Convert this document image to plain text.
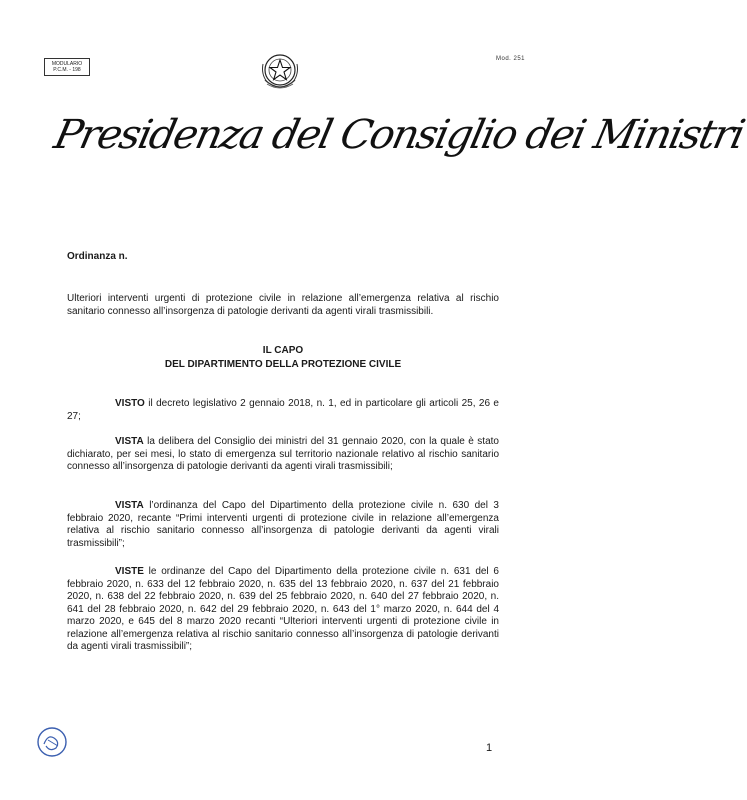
MODULARIO
P.C.M. - 198
Mod. 251
Presidenza del Consiglio dei Ministri
Ordinanza n.
Ulteriori interventi urgenti di protezione civile in relazione all’emergenza relativa al rischio sanitario connesso all’insorgenza di patologie derivanti da agenti virali trasmissibili.
IL CAPO
DEL DIPARTIMENTO DELLA PROTEZIONE CIVILE
VISTO il decreto legislativo 2 gennaio 2018, n. 1, ed in particolare gli articoli 25, 26 e 27;
VISTA la delibera del Consiglio dei ministri del 31 gennaio 2020, con la quale è stato dichiarato, per sei mesi, lo stato di emergenza sul territorio nazionale relativo al rischio sanitario connesso all’insorgenza di patologie derivanti da agenti virali trasmissibili;
VISTA l’ordinanza del Capo del Dipartimento della protezione civile n. 630 del 3 febbraio 2020, recante “Primi interventi urgenti di protezione civile in relazione all’emergenza relativa al rischio sanitario connesso all’insorgenza di patologie derivanti da agenti virali trasmissibili”;
VISTE le ordinanze del Capo del Dipartimento della protezione civile n. 631 del 6 febbraio 2020, n. 633 del 12 febbraio 2020, n. 635 del 13 febbraio 2020, n. 637 del 21 febbraio 2020, n. 638 del 22 febbraio 2020, n. 639 del 25 febbraio 2020, n. 640 del 27 febbraio 2020, n. 641 del 28 febbraio 2020, n. 642 del 29 febbraio 2020, n. 643 del 1° marzo 2020, n. 644 del 4 marzo 2020, e 645 del 8 marzo 2020 recanti “Ulteriori interventi urgenti di protezione civile in relazione all’emergenza relativa al rischio sanitario connesso all’insorgenza di patologie derivanti da agenti virali trasmissibili”;
1
